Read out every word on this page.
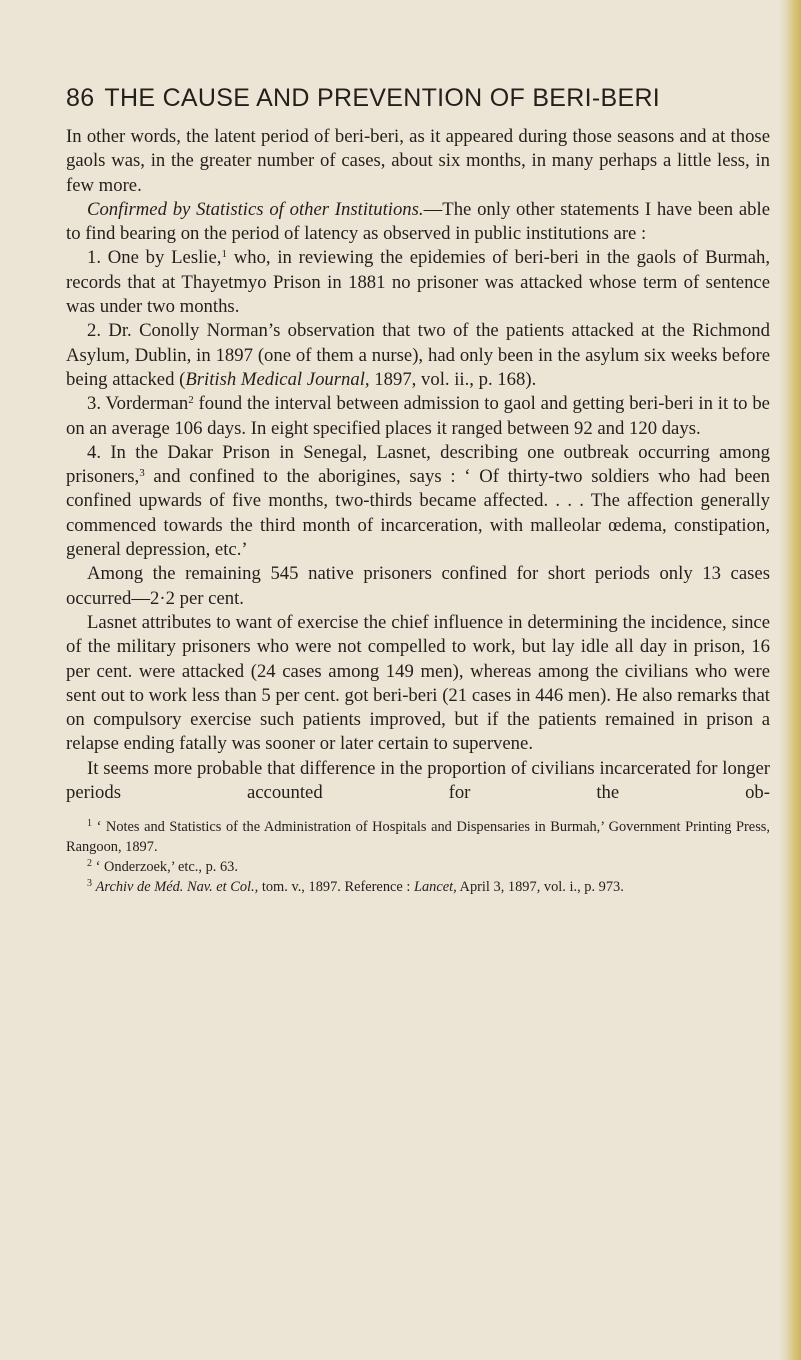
86 THE CAUSE AND PREVENTION OF BERI-BERI

In other words, the latent period of beri-beri, as it appeared during those seasons and at those gaols was, in the greater number of cases, about six months, in many perhaps a little less, in few more.

Confirmed by Statistics of other Institutions.—The only other statements I have been able to find bearing on the period of latency as observed in public institutions are :

1. One by Leslie,$^1$ who, in reviewing the epidemies of beri-beri in the gaols of Burmah, records that at Thayetmyo Prison in 1881 no prisoner was attacked whose term of sentence was under two months.

2. Dr. Conolly Norman’s observation that two of the patients attacked at the Richmond Asylum, Dublin, in 1897 (one of them a nurse), had only been in the asylum six weeks before being attacked (British Medical Journal, 1897, vol. ii., p. 168).

3. Vorderman$^2$ found the interval between admission to gaol and getting beri-beri in it to be on an average 106 days. In eight specified places it ranged between 92 and 120 days.

4. In the Dakar Prison in Senegal, Lasnet, describing one outbreak occurring among prisoners,$^3$ and confined to the aborigines, says : ‘ Of thirty-two soldiers who had been confined upwards of five months, two-thirds became affected. . . . The affection generally commenced towards the third month of incarceration, with malleolar œdema, constipation, general depression, etc.’

Among the remaining 545 native prisoners confined for short periods only 13 cases occurred—2·2 per cent.

Lasnet attributes to want of exercise the chief influence in determining the incidence, since of the military prisoners who were not compelled to work, but lay idle all day in prison, 16 per cent. were attacked (24 cases among 149 men), whereas among the civilians who were sent out to work less than 5 per cent. got beri-beri (21 cases in 446 men). He also remarks that on compulsory exercise such patients improved, but if the patients remained in prison a relapse ending fatally was sooner or later certain to supervene.

It seems more probable that difference in the proportion of civilians incarcerated for longer periods accounted for the ob-

$^1$ ‘ Notes and Statistics of the Administration of Hospitals and Dispensaries in Burmah,’ Government Printing Press, Rangoon, 1897.

$^2$ ‘ Onderzoek,’ etc., p. 63.

$^3$ Archiv de Méd. Nav. et Col., tom. v., 1897. Reference : Lancet, April 3, 1897, vol. i., p. 973.
